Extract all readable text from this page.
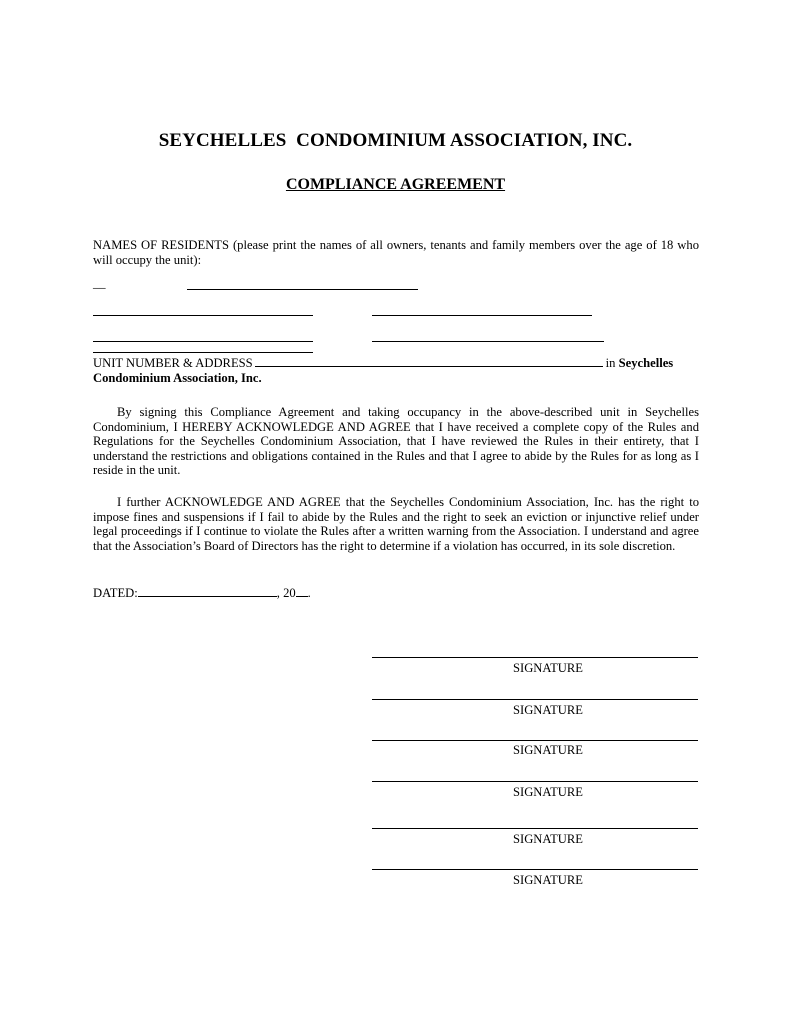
SEYCHELLES  CONDOMINIUM ASSOCIATION, INC.
COMPLIANCE AGREEMENT
NAMES OF RESIDENTS (please print the names of all owners, tenants and family members over the age of 18 who will occupy the unit):
__
UNIT NUMBER & ADDRESS	in Seychelles
Condominium Association, Inc.
By signing this Compliance Agreement and taking occupancy in the above-described unit in Seychelles Condominium, I HEREBY ACKNOWLEDGE AND AGREE that I have received a complete copy of the Rules and Regulations for the Seychelles Condominium Association, that I have reviewed the Rules in their entirety, that I understand the restrictions and obligations contained in the Rules and that I agree to abide by the Rules for as long as I reside in the unit.
I further ACKNOWLEDGE AND AGREE that the Seychelles Condominium Association, Inc. has the right to impose fines and suspensions if I fail to abide by the Rules and the right to seek an eviction or injunctive relief under legal proceedings if I continue to violate the Rules after a written warning from the Association. I understand and agree that the Association’s Board of Directors has the right to determine if a violation has occurred, in its sole discretion.
DATED:	, 20 .
SIGNATURE
SIGNATURE
SIGNATURE
SIGNATURE
SIGNATURE
SIGNATURE
